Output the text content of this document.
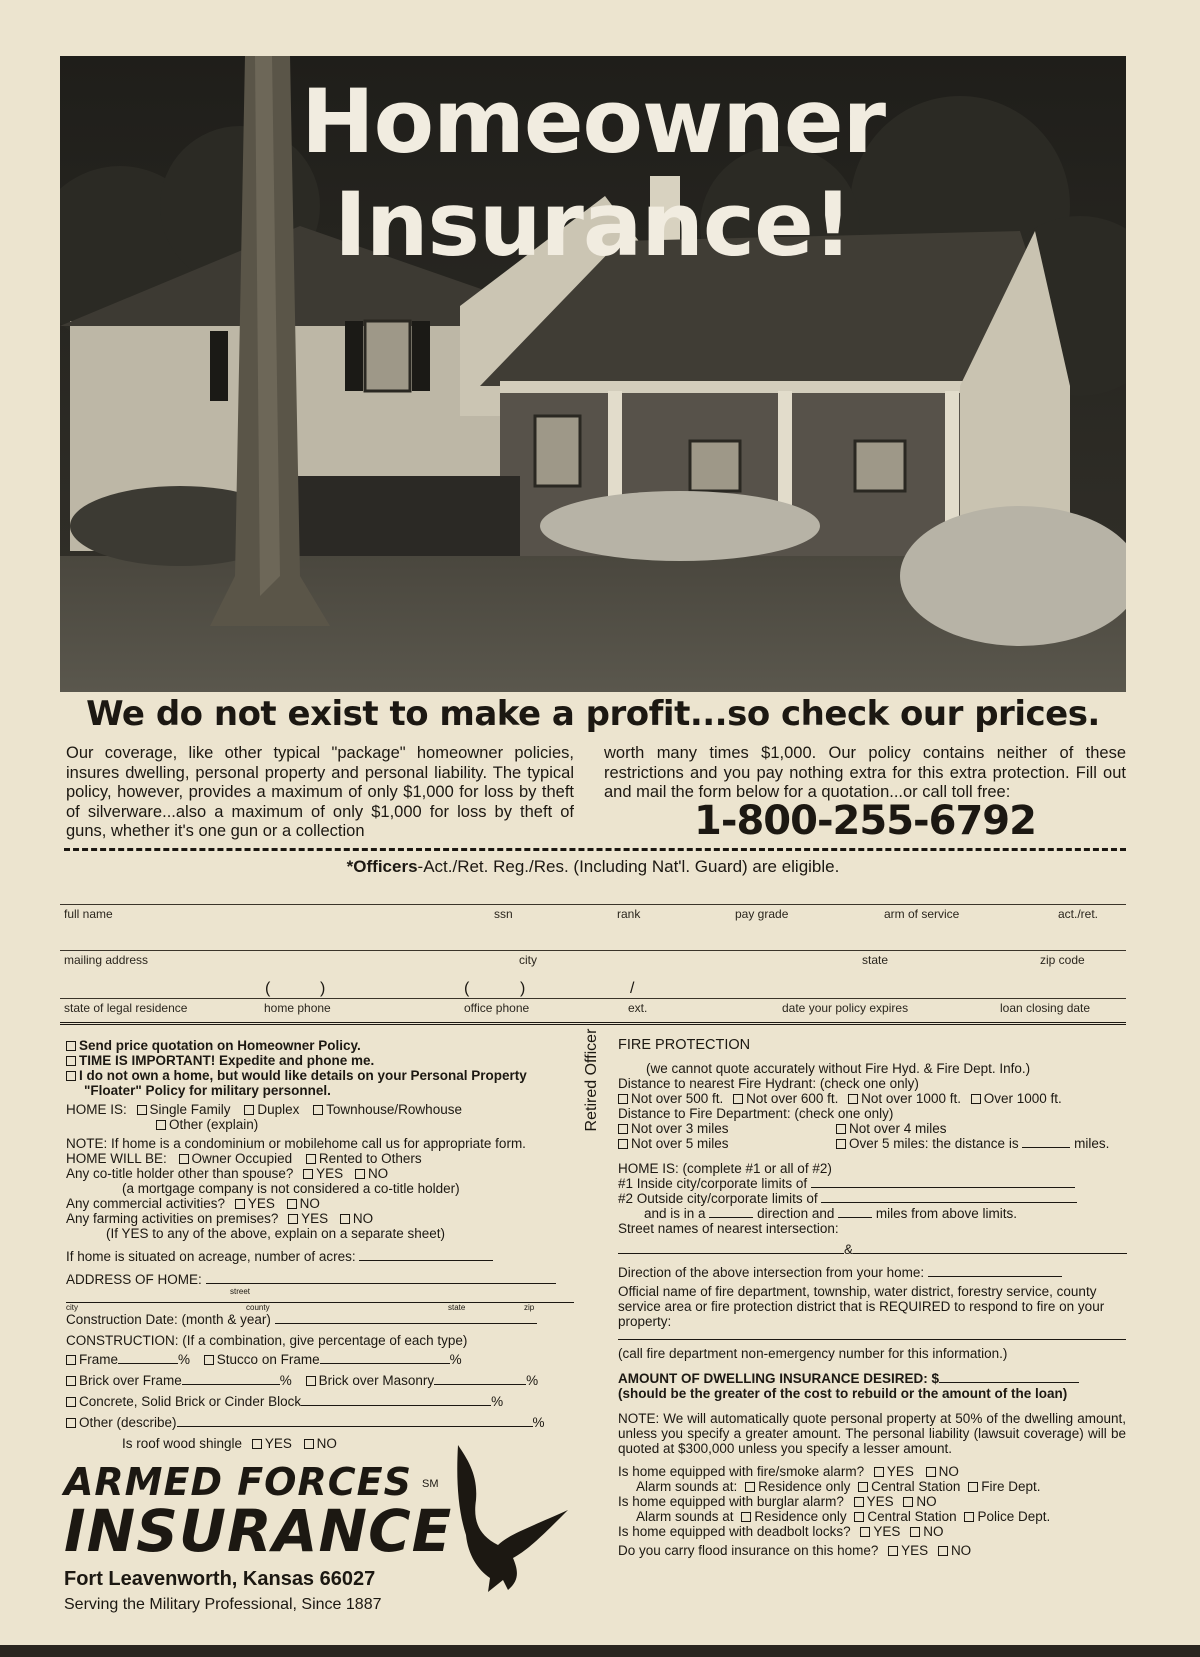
Homeowner Insurance!
We do not exist to make a profit...so check our prices.
Our coverage, like other typical "package" homeowner policies, insures dwelling, personal property and personal liability. The typical policy, however, provides a maximum of only $1,000 for loss by theft of silverware...also a maximum of only $1,000 for loss by theft of guns, whether it's one gun or a collection
worth many times $1,000. Our policy contains neither of these restrictions and you pay nothing extra for this extra protection. Fill out and mail the form below for a quotation...or call toll free:
1-800-255-6792
*Officers-Act./Ret. Reg./Res. (Including Nat'l. Guard) are eligible.
full name	ssn	rank	pay grade	arm of service	act./ret.
mailing address	city	state	zip code
(	)	(	)	/
state of legal residence	home phone	office phone	ext.	date your policy expires	loan closing date
Send price quotation on Homeowner Policy.
TIME IS IMPORTANT! Expedite and phone me.
I do not own a home, but would like details on your Personal Property
"Floater" Policy for military personnel.
HOME IS: Single Family Duplex Townhouse/Rowhouse
Other (explain)
NOTE: If home is a condominium or mobilehome call us for appropriate form.
HOME WILL BE: Owner Occupied Rented to Others
Any co-title holder other than spouse? YES NO
(a mortgage company is not considered a co-title holder)
Any commercial activities? YES NO
Any farming activities on premises? YES NO
(If YES to any of the above, explain on a separate sheet)
If home is situated on acreage, number of acres:
ADDRESS OF HOME:
street
city	county	state	zip
Construction Date: (month & year)
CONSTRUCTION: (If a combination, give percentage of each type)
Frame	% Stucco on Frame	%
Brick over Frame	% Brick over Masonry	%
Concrete, Solid Brick or Cinder Block	%
Other (describe)	%
Is roof wood shingle YES NO
Retired Officer	FIRE PROTECTION
(we cannot quote accurately without Fire Hyd. & Fire Dept. Info.)
Distance to nearest Fire Hydrant: (check one only)
Not over 500 ft. Not over 600 ft. Not over 1000 ft. Over 1000 ft.
Distance to Fire Department: (check one only)
Not over 3 miles	Not over 4 miles
Not over 5 miles	Over 5 miles: the distance is	miles.
HOME IS: (complete #1 or all of #2)
#1 Inside city/corporate limits of
#2 Outside city/corporate limits of
and is in a	direction and	miles from above limits.
Street names of nearest intersection:
&
Direction of the above intersection from your home:
Official name of fire department, township, water district, forestry service, county service area or fire protection district that is REQUIRED to respond to fire on your property:
(call fire department non-emergency number for this information.)
AMOUNT OF DWELLING INSURANCE DESIRED: $
(should be the greater of the cost to rebuild or the amount of the loan)
NOTE: We will automatically quote personal property at 50% of the dwelling amount, unless you specify a greater amount. The personal liability (lawsuit coverage) will be quoted at $300,000 unless you specify a lesser amount.
Is home equipped with fire/smoke alarm? YES NO
Alarm sounds at: Residence only Central Station Fire Dept.
Is home equipped with burglar alarm? YES NO
Alarm sounds at Residence only Central Station Police Dept.
Is home equipped with deadbolt locks? YES NO
Do you carry flood insurance on this home? YES NO
ARMED FORCES SM
INSURANCE
Fort Leavenworth, Kansas 66027
Serving the Military Professional, Since 1887
